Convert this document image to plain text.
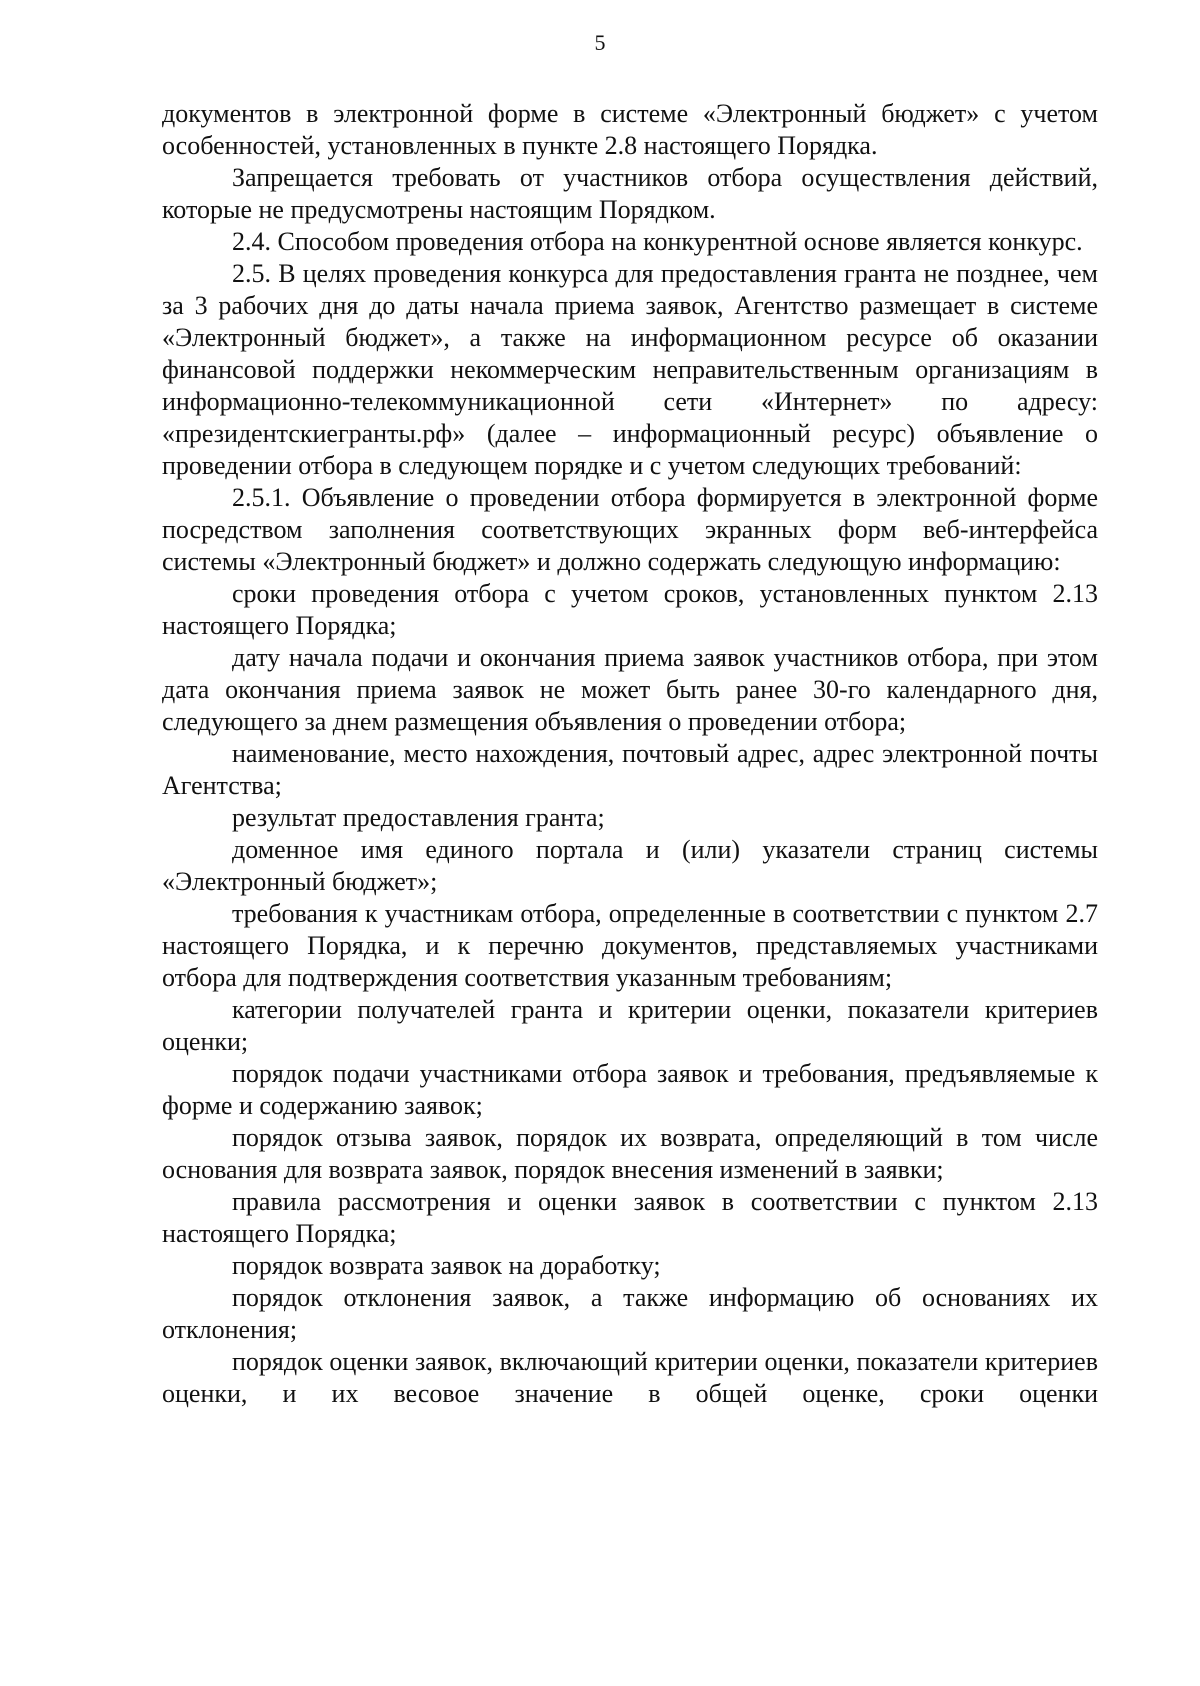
5

документов в электронной форме в системе «Электронный бюджет» с учетом особенностей, установленных в пункте 2.8 настоящего Порядка.

Запрещается требовать от участников отбора осуществления действий, которые не предусмотрены настоящим Порядком.

2.4. Способом проведения отбора на конкурентной основе является конкурс.

2.5. В целях проведения конкурса для предоставления гранта не позднее, чем за 3 рабочих дня до даты начала приема заявок, Агентство размещает в системе «Электронный бюджет», а также на информационном ресурсе об оказании финансовой поддержки некоммерческим неправительственным организациям в информационно-телекоммуникационной сети «Интернет» по адресу: «президентскиегранты.рф» (далее – информационный ресурс) объявление о проведении отбора в следующем порядке и с учетом следующих требований:

2.5.1. Объявление о проведении отбора формируется в электронной форме посредством заполнения соответствующих экранных форм веб-интерфейса системы «Электронный бюджет» и должно содержать следующую информацию:

сроки проведения отбора с учетом сроков, установленных пунктом 2.13 настоящего Порядка;

дату начала подачи и окончания приема заявок участников отбора, при этом дата окончания приема заявок не может быть ранее 30-го календарного дня, следующего за днем размещения объявления о проведении отбора;

наименование, место нахождения, почтовый адрес, адрес электронной почты Агентства;

результат предоставления гранта;

доменное имя единого портала и (или) указатели страниц системы «Электронный бюджет»;

требования к участникам отбора, определенные в соответствии с пунктом 2.7 настоящего Порядка, и к перечню документов, представляемых участниками отбора для подтверждения соответствия указанным требованиям;

категории получателей гранта и критерии оценки, показатели критериев оценки;

порядок подачи участниками отбора заявок и требования, предъявляемые к форме и содержанию заявок;

порядок отзыва заявок, порядок их возврата, определяющий в том числе основания для возврата заявок, порядок внесения изменений в заявки;

правила рассмотрения и оценки заявок в соответствии с пунктом 2.13 настоящего Порядка;

порядок возврата заявок на доработку;

порядок отклонения заявок, а также информацию об основаниях их отклонения;

порядок оценки заявок, включающий критерии оценки, показатели критериев оценки, и их весовое значение в общей оценке, сроки оценки
